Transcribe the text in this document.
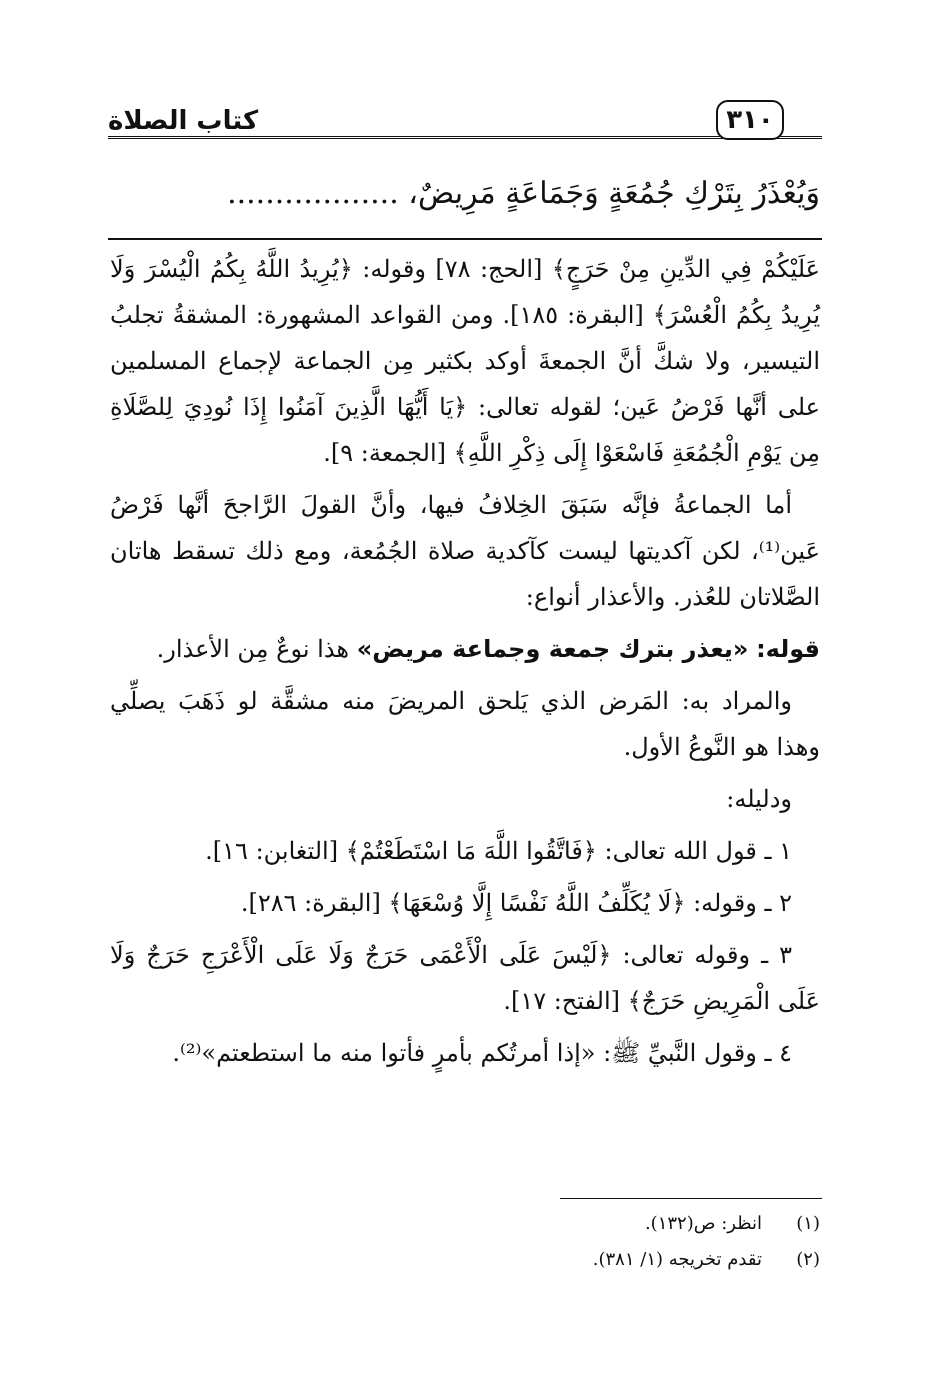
٣١٠
كتاب الصلاة
وَيُعْذَرُ بِتَرْكِ جُمُعَةٍ وَجَمَاعَةٍ مَرِيضٌ، ..................

عَلَيْكُمْ فِي الدِّينِ مِنْ حَرَجٍ﴾ [الحج: ٧٨] وقوله: ﴿يُرِيدُ اللَّهُ بِكُمُ الْيُسْرَ وَلَا يُرِيدُ بِكُمُ الْعُسْرَ﴾ [البقرة: ١٨٥]. ومن القواعد المشهورة: المشقةُ تجلبُ التيسير، ولا شكَّ أنَّ الجمعةَ أوكد بكثير مِن الجماعة لإجماع المسلمين على أنَّها فَرْضُ عَين؛ لقوله تعالى: ﴿يَا أَيُّهَا الَّذِينَ آمَنُوا إِذَا نُودِيَ لِلصَّلَاةِ مِن يَوْمِ الْجُمُعَةِ فَاسْعَوْا إِلَى ذِكْرِ اللَّهِ﴾ [الجمعة: ٩].

أما الجماعةُ فإنَّه سَبَقَ الخِلافُ فيها، وأنَّ القولَ الرَّاجحَ أنَّها فَرْضُ عَين⁽¹⁾، لكن آكديتها ليست كآكدية صلاة الجُمُعة، ومع ذلك تسقط هاتان الصَّلاتان للعُذر. والأعذار أنواع:

قوله: «يعذر بترك جمعة وجماعة مريض» هذا نوعٌ مِن الأعذار.

والمراد به: المَرض الذي يَلحق المريضَ منه مشقَّة لو ذَهَبَ يصلِّي وهذا هو النَّوعُ الأول.

ودليله:

١ ـ قول الله تعالى: ﴿فَاتَّقُوا اللَّهَ مَا اسْتَطَعْتُمْ﴾ [التغابن: ١٦].

٢ ـ وقوله: ﴿لَا يُكَلِّفُ اللَّهُ نَفْسًا إِلَّا وُسْعَهَا﴾ [البقرة: ٢٨٦].

٣ ـ وقوله تعالى: ﴿لَيْسَ عَلَى الْأَعْمَى حَرَجٌ وَلَا عَلَى الْأَعْرَجِ حَرَجٌ وَلَا عَلَى الْمَرِيضِ حَرَجٌ﴾ [الفتح: ١٧].

٤ ـ وقول النَّبيِّ ﷺ: «إذا أمرتُكم بأمرٍ فأتوا منه ما استطعتم»⁽²⁾.

(١)
انظر: ص(١٣٢).
(٢)
تقدم تخريجه (١/ ٣٨١).
